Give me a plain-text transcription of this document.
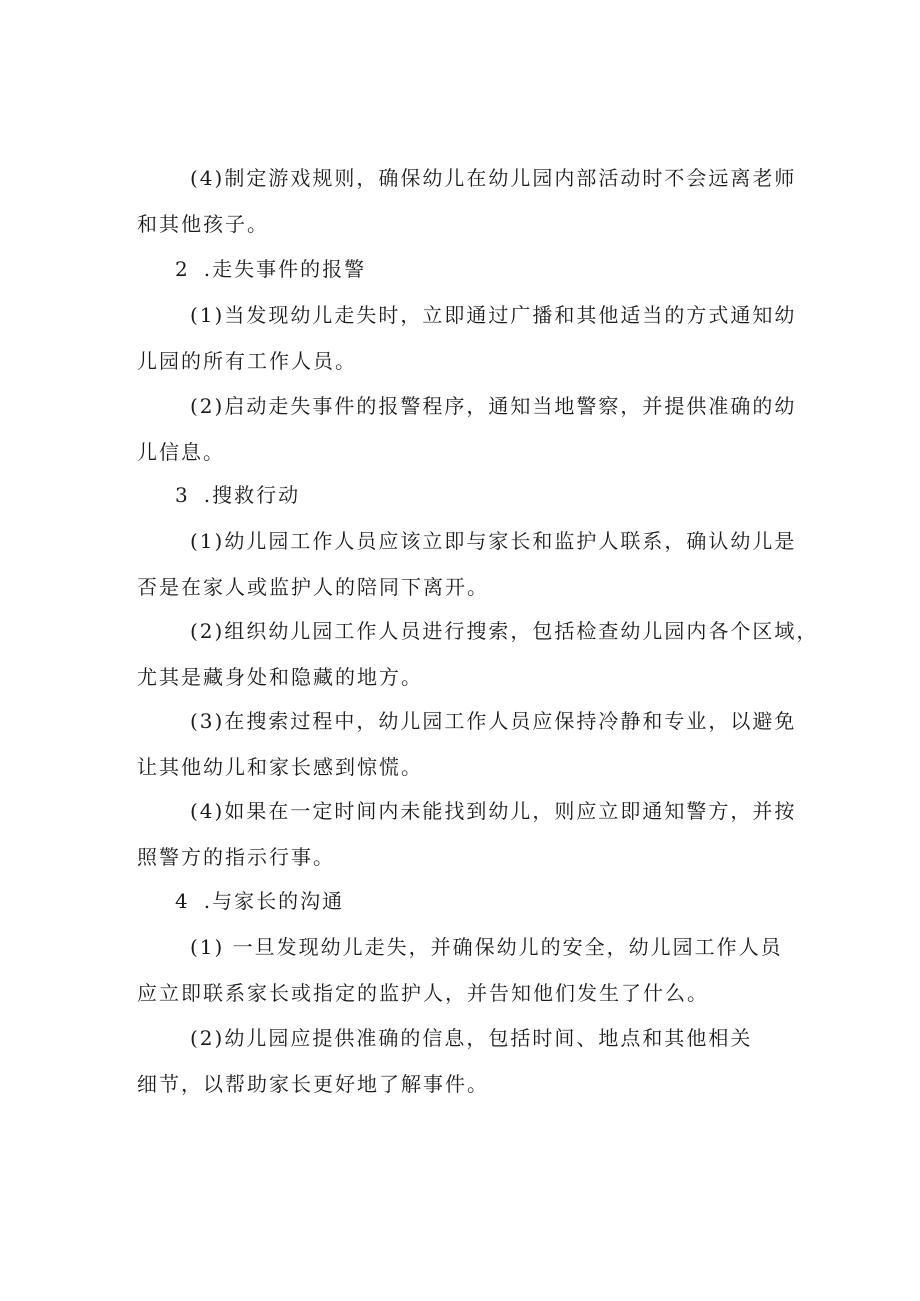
(4)制定游戏规则，确保幼儿在幼儿园内部活动时不会远离老师
和其他孩子。
2 .走失事件的报警
(1)当发现幼儿走失时，立即通过广播和其他适当的方式通知幼
儿园的所有工作人员。
(2)启动走失事件的报警程序，通知当地警察，并提供准确的幼
儿信息。
3 .搜救行动
(1)幼儿园工作人员应该立即与家长和监护人联系，确认幼儿是
否是在家人或监护人的陪同下离开。
(2)组织幼儿园工作人员进行搜索，包括检查幼儿园内各个区域，
尤其是藏身处和隐藏的地方。
(3)在搜索过程中，幼儿园工作人员应保持冷静和专业，以避免
让其他幼儿和家长感到惊慌。
(4)如果在一定时间内未能找到幼儿，则应立即通知警方，并按
照警方的指示行事。
4 .与家长的沟通
(1) 一旦发现幼儿走失，并确保幼儿的安全，幼儿园工作人员
应立即联系家长或指定的监护人，并告知他们发生了什么。
(2)幼儿园应提供准确的信息，包括时间、地点和其他相关
细节，以帮助家长更好地了解事件。
